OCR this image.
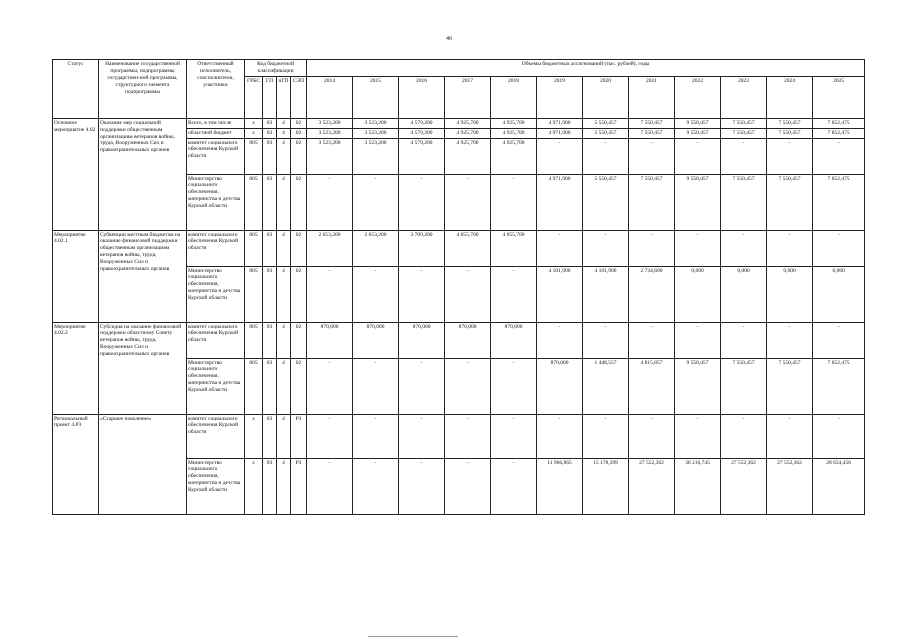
46
Статус	Наименование государственной программы, подпрограммы государствен-ной программы, структурного элемента подпрограммы	Ответственный исполнитель, соисполнители, участники	Код бюджетной классификации				Объемы бюджетных ассигнований (тыс. рублей), годы											
			ГРБС	ГП	пГП	СЭП	2014	2015	2016	2017	2018	2019	2020	2021	2022	2023	2024	2025
Основное мероприятие 4.02	Оказание мер социальной поддержки общественным организациям ветеранов войны, труда, Вооруженных Сил и правоохранительных органов	Всего, в том числе	x	03	4	02	3 523,200	3 523,200	4 579,200	4 925,700	4 925,700	4 971,900	5 550,457	7 550,457	9 550,457	7 550,457	7 550,457	7 852,475
		областной бюджет	x	03	4	02	3 523,200	3 523,200	4 579,200	4 925,700	4 925,700	4 971,900	5 550,457	7 550,457	9 550,457	7 550,457	7 550,457	7 852,475
		комитет социального обеспечения Курской области	805	03	4	02	3 523,200	3 523,200	4 579,200	4 925,700	4 925,700	-	-	-	-	-	-	-
		Министерство социального обеспечения, материнства и детства Курской области	805	03	4	02	-	-	-	-	-	4 971,900	5 550,457	7 550,457	9 550,457	7 550,457	7 550,457	7 852,475
Мероприятие 4.02.1	Субвенции местным бюджетам на оказание финансовой поддержки общественным организациям ветеранов войны, труда, Вооруженных Сил и правоохранительных органов	комитет социального обеспечения Курской области	805	03	4	02	2 653,200	2 653,200	3 709,200	4 055,700	4 055,700	-	-	-	-	-	-	-
		Министерство социального обеспечения, материнства и детства Курской области	805	03	4	02	-	-	-	-	-	4 101,900	4 101,900	2 734,600	0,000	0,000	0,000	0,000
Мероприятие 4.02.2	Субсидия на оказание финансовой поддержки областному Совету ветеранов войны, труда, Вооруженных Сил и правоохранительных органов	комитет социального обеспечения Курской области	805	03	4	02	870,000	870,000	870,000	870,000	870,000	-	-	-	-	-	-	-
		Министерство социального обеспечения, материнства и детства Курской области	805	03	4	02	-	-	-	-	-	870,000	1 448,557	4 815,857	9 550,457	7 550,457	7 550,457	7 852,475
Региональный проект 4.Р3	«Старшее поколение»	комитет социального обеспечения Курской области	x	03	4	Р3	-	-	-	-	-	-	-	-	-	-	-	-
		Министерство социального обеспечения, материнства и детства Курской области	x	03	4	Р3	-	-	-	-	-	11 966,865	15 178,399	27 552,362	30 216,745	27 552,362	27 552,362	28 654,456
